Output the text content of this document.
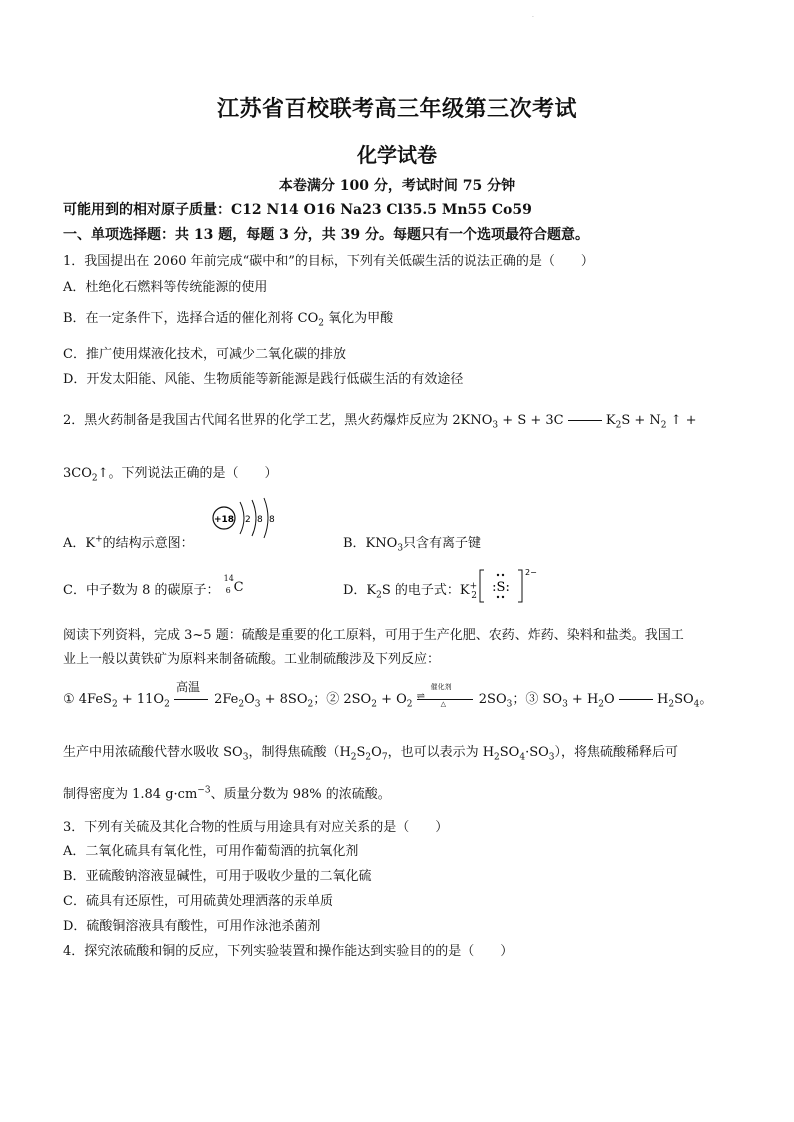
·
江苏省百校联考高三年级第三次考试
化学试卷
本卷满分 100 分，考试时间 75 分钟
可能用到的相对原子质量：C12 N14 O16 Na23 Cl35.5 Mn55 Co59
一、单项选择题：共 13 题，每题 3 分，共 39 分。每题只有一个选项最符合题意。
1．我国提出在 2060 年前完成“碳中和”的目标，下列有关低碳生活的说法正确的是（　　）
A．杜绝化石燃料等传统能源的使用
B．在一定条件下，选择合适的催化剂将 $CO_2$ 氧化为甲酸
C．推广使用煤液化技术，可减少二氧化碳的排放
D．开发太阳能、风能、生物质能等新能源是践行低碳生活的有效途径
2．黑火药制备是我国古代闻名世界的化学工艺，黑火药爆炸反应为 $2KNO_3 + S + 3C$	$K_2S + N_2$ ↑ +
$3CO_2↑$。下列说法正确的是（　　）
A．K+的结构示意图：
+18 2 8 8
B．$KNO_3$只含有离子键
C．中子数为 8 的碳原子：
14
6 C	D．$K_2S$ 的电子式：$K^+_2$
:S:
2−
阅读下列资料，完成 3~5 题：硫酸是重要的化工原料，可用于生产化肥、农药、炸药、染料和盐类。我国工
业上一般以黄铁矿为原料来制备硫酸。工业制硫酸涉及下列反应：
① $4FeS_2 + 11O_2$
高温
$2Fe_2O_3 + 8SO_2$；② $2SO_2 + O_2$
催化剂
⇌
△	$2SO_3$；③ $SO_3 + H_2O$	$H_2SO_4$。
生产中用浓硫酸代替水吸收 $SO_3$，制得焦硫酸（$H_2S_2O_7$，也可以表示为 $H_2SO_4\cdot SO_3$），将焦硫酸稀释后可
制得密度为 1.84 $g\cdot cm^{-3}$、质量分数为 98% 的浓硫酸。
3．下列有关硫及其化合物的性质与用途具有对应关系的是（　　）
A．二氧化硫具有氧化性，可用作葡萄酒的抗氧化剂
B．亚硫酸钠溶液显碱性，可用于吸收少量的二氧化硫
C．硫具有还原性，可用硫黄处理洒落的汞单质
D．硫酸铜溶液具有酸性，可用作泳池杀菌剂
4．探究浓硫酸和铜的反应，下列实验装置和操作能达到实验目的的是（　　）
